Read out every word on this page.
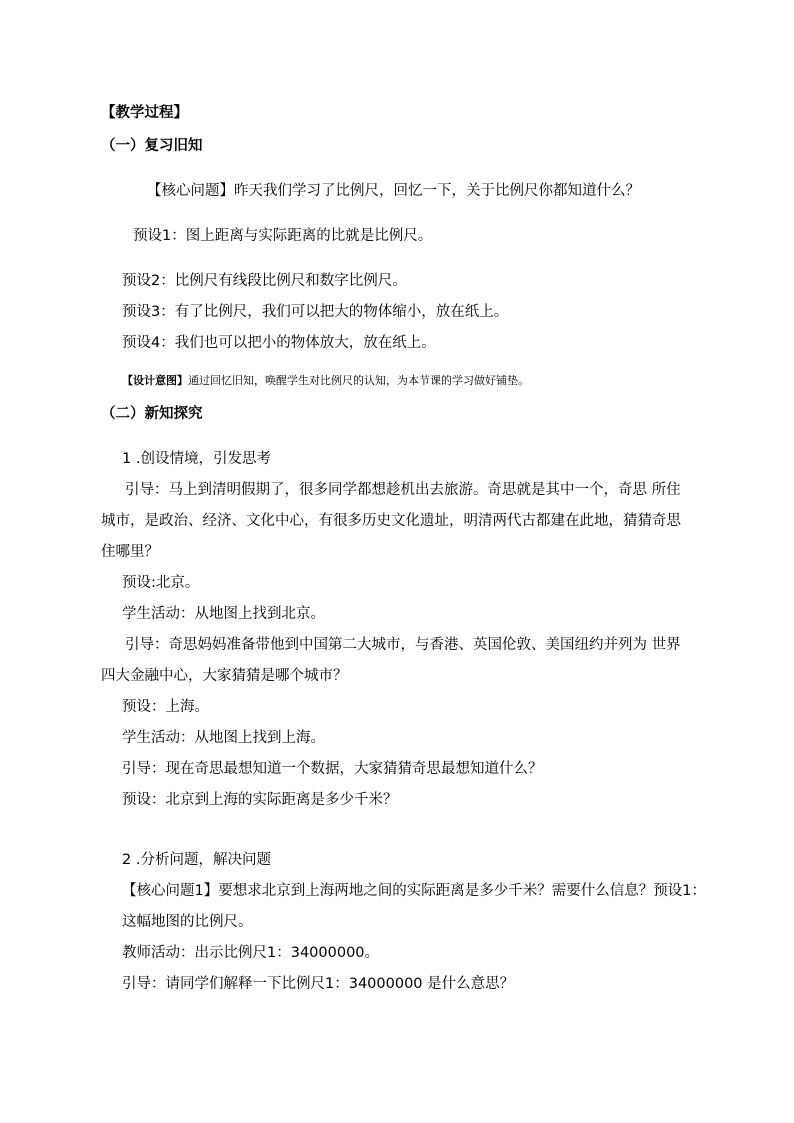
【教学过程】
（一）复习旧知
【核心问题】昨天我们学习了比例尺，回忆一下，关于比例尺你都知道什么？
预设1：图上距离与实际距离的比就是比例尺。
预设2：比例尺有线段比例尺和数字比例尺。
预设3：有了比例尺，我们可以把大的物体缩小，放在纸上。
预设4：我们也可以把小的物体放大，放在纸上。
【设计意图】通过回忆旧知，唤醒学生对比例尺的认知，为本节课的学习做好铺垫。
（二）新知探究
1 .创设情境，引发思考
引导：马上到清明假期了，很多同学都想趁机出去旅游。奇思就是其中一个，奇思 所住
城市，是政治、经济、文化中心，有很多历史文化遗址，明清两代古都建在此地，猜猜奇思
住哪里？
预设:北京。
学生活动：从地图上找到北京。
引导：奇思妈妈准备带他到中国第二大城市，与香港、英国伦敦、美国纽约并列为 世界
四大金融中心，大家猜猜是哪个城市？
预设：上海。
学生活动：从地图上找到上海。
引导：现在奇思最想知道一个数据，大家猜猜奇思最想知道什么？
预设：北京到上海的实际距离是多少千米？
2 .分析问题，解决问题
【核心问题1】要想求北京到上海两地之间的实际距离是多少千米？需要什么信息？预设1：
这幅地图的比例尺。
教师活动：出示比例尺1：34000000。
引导：请同学们解释一下比例尺1：34000000 是什么意思？
